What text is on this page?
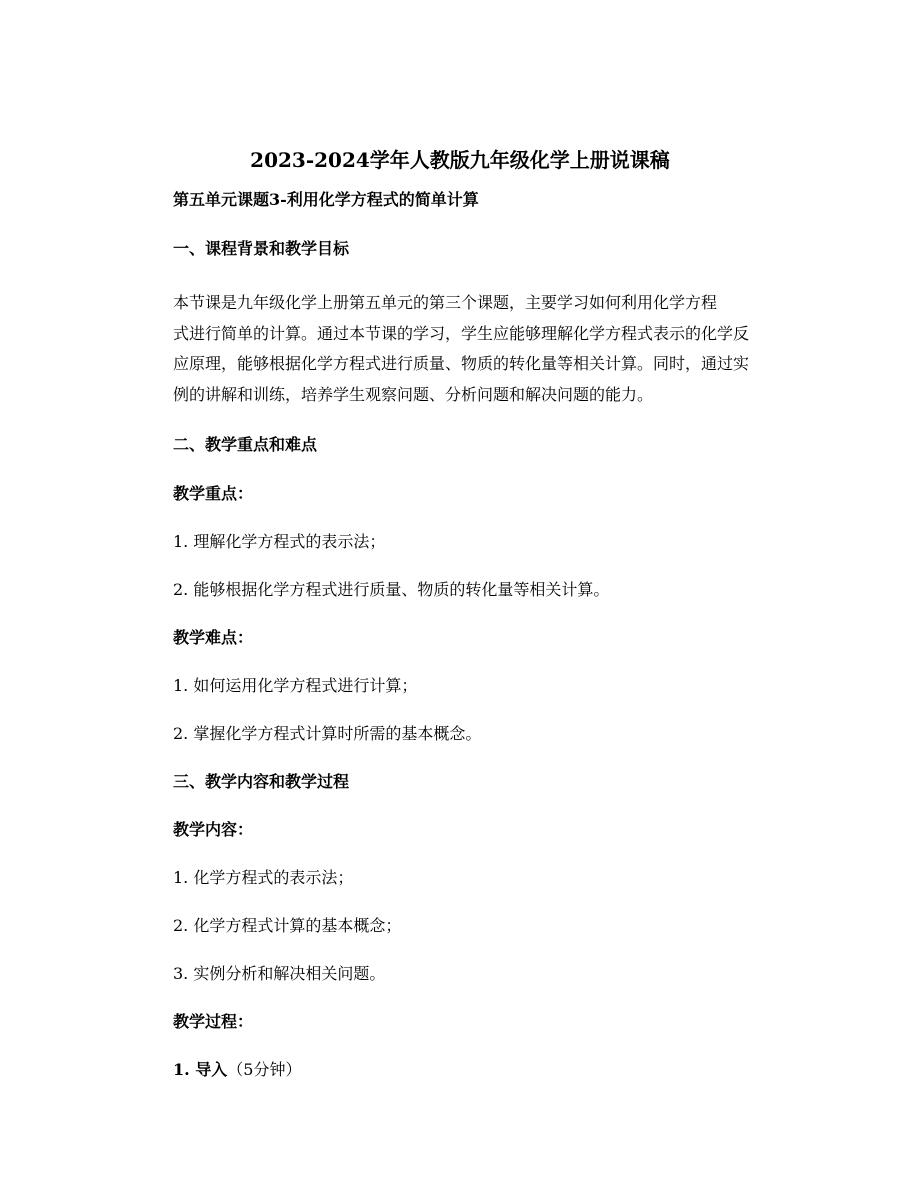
2023-2024学年人教版九年级化学上册说课稿
第五单元课题3-利用化学方程式的简单计算
一、课程背景和教学目标
本节课是九年级化学上册第五单元的第三个课题，主要学习如何利用化学方程
式进行简单的计算。通过本节课的学习，学生应能够理解化学方程式表示的化学反
应原理，能够根据化学方程式进行质量、物质的转化量等相关计算。同时，通过实
例的讲解和训练，培养学生观察问题、分析问题和解决问题的能力。
二、教学重点和难点
教学重点：
1. 理解化学方程式的表示法；
2. 能够根据化学方程式进行质量、物质的转化量等相关计算。
教学难点：
1. 如何运用化学方程式进行计算；
2. 掌握化学方程式计算时所需的基本概念。
三、教学内容和教学过程
教学内容：
1. 化学方程式的表示法；
2. 化学方程式计算的基本概念；
3. 实例分析和解决相关问题。
教学过程：
1. 导入（5分钟）
